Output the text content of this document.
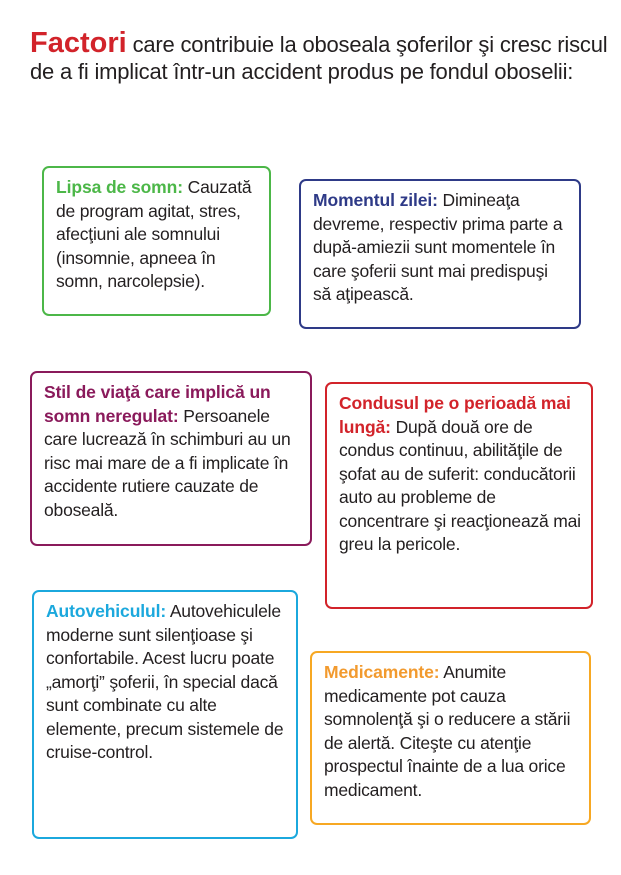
Factori care contribuie la oboseala şoferilor şi cresc riscul de a fi implicat într-un accident produs pe fondul oboselii:
Lipsa de somn: Cauzată de program agitat, stres, afecţiuni ale somnului (insomnie, apneea în somn, narcolepsie).
Momentul zilei: Dimineaţa devreme, respectiv prima parte a după-amiezii sunt momentele în care şoferii sunt mai predispuşi să aţipească.
Stil de viaţă care implică un somn neregulat: Persoanele care lucrează în schimburi au un risc mai mare de a fi implicate în accidente rutiere cauzate de oboseală.
Condusul pe o perioadă mai lungă: După două ore de condus continuu, abilităţile de şofat au de suferit: conducătorii auto au probleme de concentrare şi reacţionează mai greu la pericole.
Autovehiculul: Autovehiculele moderne sunt silenţioase şi confortabile. Acest lucru poate „amorţi” şoferii, în special dacă sunt combinate cu alte elemente, precum sistemele de cruise-control.
Medicamente: Anumite medicamente pot cauza somnolenţă şi o reducere a stării de alertă. Citeşte cu atenţie prospectul înainte de a lua orice medicament.
